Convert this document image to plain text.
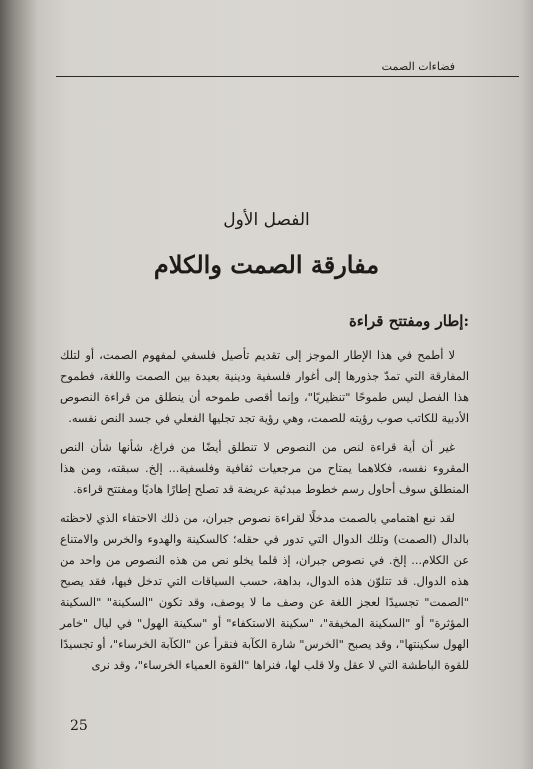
فضاءات الصمت
الفصل الأول
مفارقة الصمت والكلام
إطار ومفتتح قراءة:

لا أطمح في هذا الإطار الموجز إلى تقديم تأصيل فلسفي لمفهوم الصمت، أو لتلك المفارقة التي تمدّ جذورها إلى أغوار فلسفية ودينية بعيدة بين الصمت واللغة، فطموح هذا الفصل ليس طموحًا "تنظيريًا"، وإنما أقصى طموحه أن ينطلق من قراءة النصوص الأدبية للكاتب صوب رؤيته للصمت، وهي رؤية تجد تجليها الفعلي في جسد النص نفسه.

غير أن أية قراءة لنص من النصوص لا تنطلق أيضًا من فراغ، شأنها شأن النص المقروء نفسه، فكلاهما يمتاح من مرجعيات ثقافية وفلسفية... إلخ. سبقته، ومن هذا المنطلق سوف أحاول رسم خطوط مبدئية عريضة قد تصلح إطارًا هاديًا ومفتتح قراءة.

لقد نبع اهتمامي بالصمت مدخلًا لقراءة نصوص جبران، من ذلك الاحتفاء الذي لاحظته بالدال (الصمت) وتلك الدوال التي تدور في حقله؛ كالسكينة والهدوء والخرس والامتناع عن الكلام... إلخ. في نصوص جبران، إذ قلما يخلو نص من هذه النصوص من واحد من هذه الدوال. قد تتلوّن هذه الدوال، بداهة، حسب السياقات التي تدخل فيها، فقد يصبح "الصمت" تجسيدًا لعجز اللغة عن وصف ما لا يوصف، وقد تكون "السكينة" "السكينة المؤثرة" أو "السكينة المخيفة"، "سكينة الاستكفاء" أو "سكينة الهول" في ليال "خامر الهول سكينتها"، وقد يصبح "الخرس" شارة الكآبة فنقرأ عن "الكآبة الخرساء"، أو تجسيدًا للقوة الباطشة التي لا عقل ولا قلب لها، فنراها "القوة العمياء الخرساء"، وقد نرى

25
